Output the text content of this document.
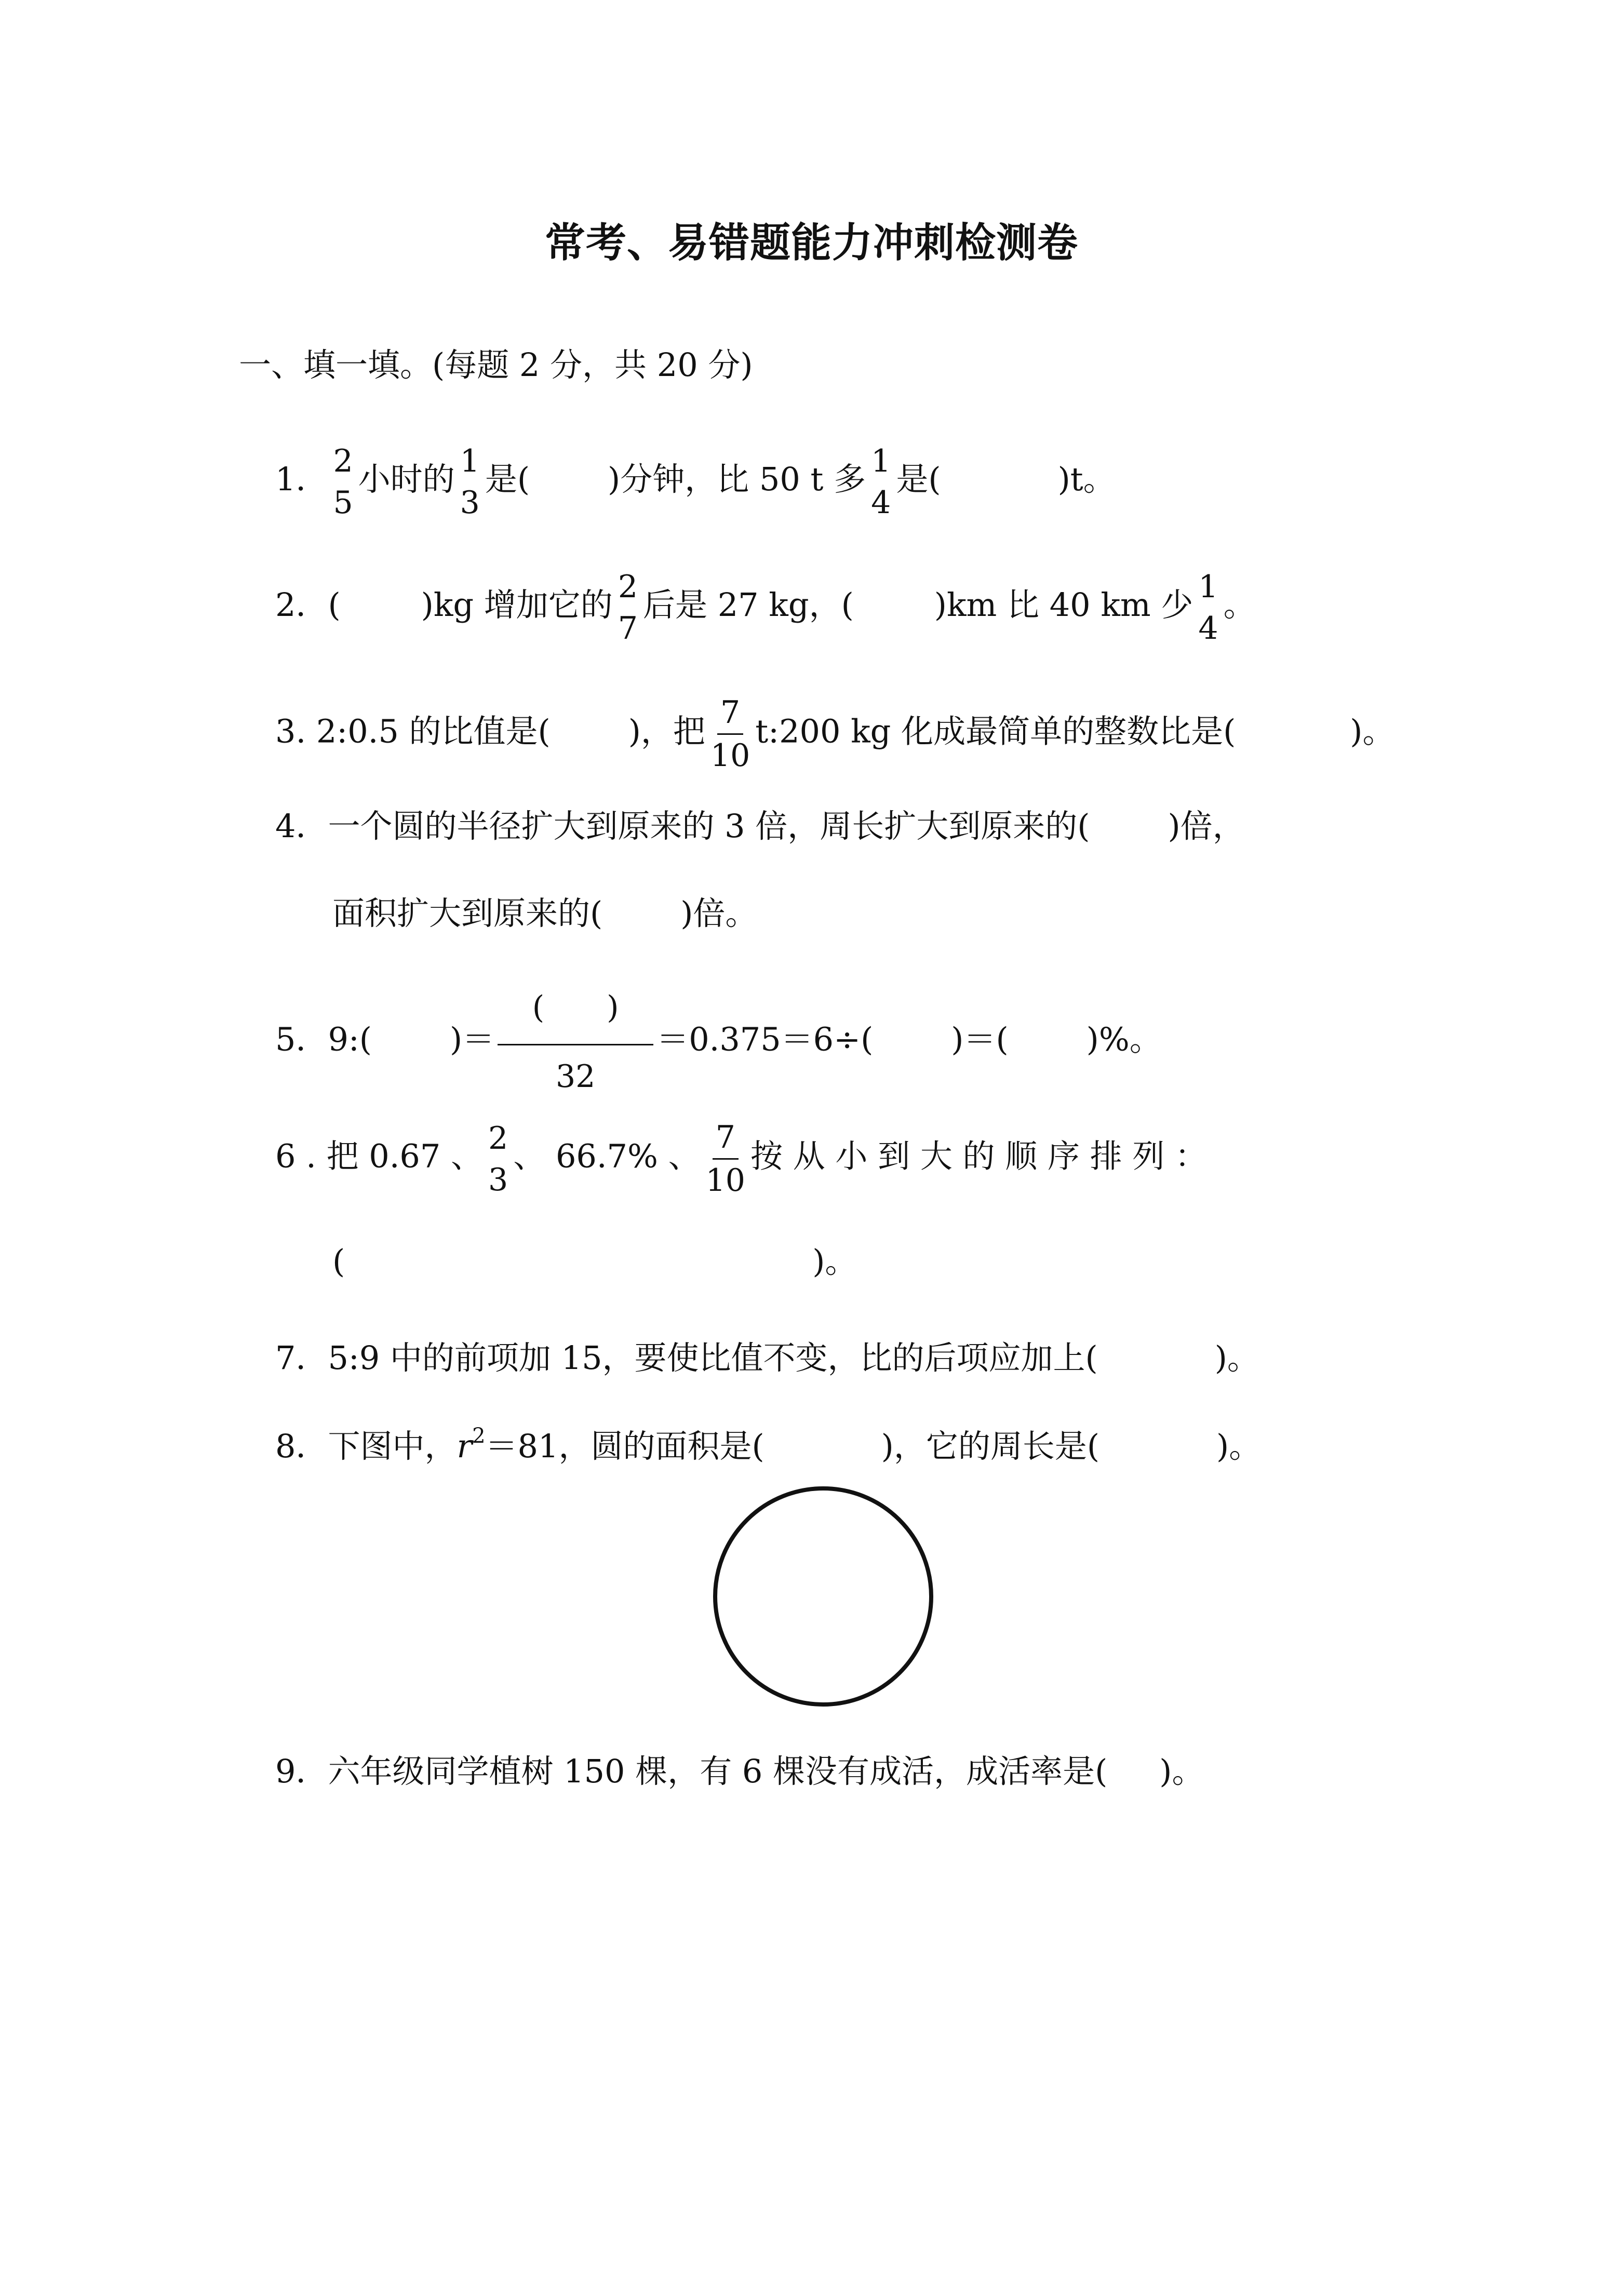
常考、易错题能力冲刺检测卷
一、填一填。(每题 2 分，共 20 分)
1． 2
5
小时的 1
3
是( )分钟，比 50 t 多 1
4
是(	)t。
2．(	)kg 增加它的 2
7
后是 27 kg，(	)km 比 40 km 少 1
4
。
3. 2:0.5 的比值是( )，把 $\frac{7}{10}$ t:200 kg 化成最简单的整数比是(	)。
4．一个圆的半径扩大到原来的 3 倍，周长扩大到原来的( )倍，
面积扩大到原来的( )倍。
5．9:( )＝ $\frac{( )}{32} =0.375=6\div$( )＝( )%。
6 . 把 0.67 、 2
3
、 66.7% 、 $\frac{7}{10}$ 按 从 小 到 大 的 顺 序 排 列 ：
(	)。
7．5:9 中的前项加 15，要使比值不变，比的后项应加上(	)。
8．下图中，$r^2=81$，圆的面积是(	)，它的周长是(	)。
9．六年级同学植树 150 棵，有 6 棵没有成活，成活率是( )。
